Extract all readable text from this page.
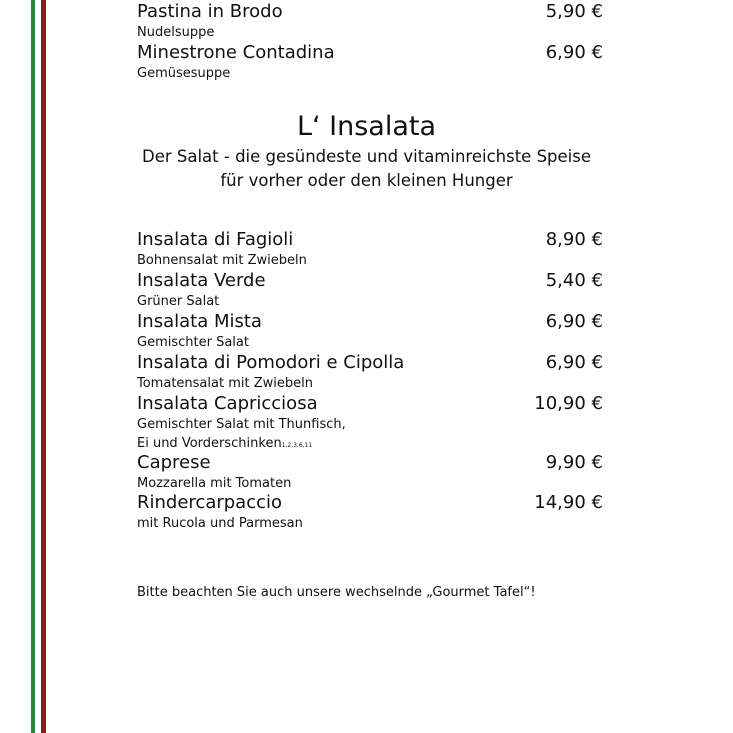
Pastina in Brodo	5,90 €
Nudelsuppe
Minestrone Contadina	6,90 €
Gemüsesuppe
L‘ Insalata
Der Salat - die gesündeste und vitaminreichste Speise
für vorher oder den kleinen Hunger
Insalata di Fagioli	8,90 €
Bohnensalat mit Zwiebeln
Insalata Verde	5,40 €
Grüner Salat
Insalata Mista	6,90 €
Gemischter Salat
Insalata di Pomodori e Cipolla	6,90 €
Tomatensalat mit Zwiebeln
Insalata Capricciosa	10,90 €
Gemischter Salat mit Thunfisch,
Ei und Vorderschinken1,2,3,6,11
Caprese	9,90 €
Mozzarella mit Tomaten
Rindercarpaccio	14,90 €
mit Rucola und Parmesan
Bitte beachten Sie auch unsere wechselnde „Gourmet Tafel“!
